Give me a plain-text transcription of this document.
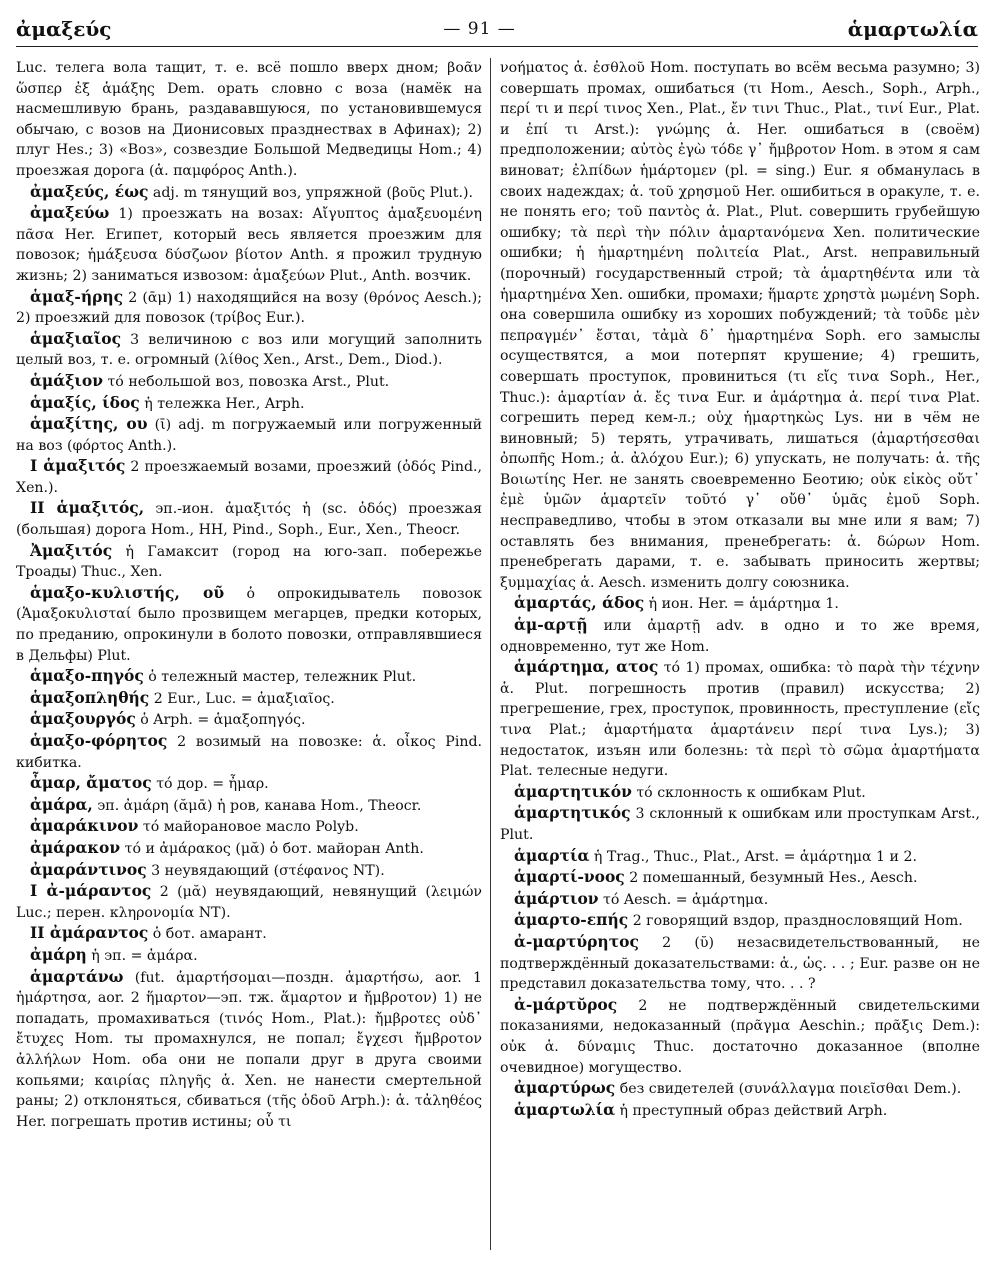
ἀμαξεύς	— 91 —	ἁμαρτωλία

Luc. телега вола тащит, т. е. всё пошло вверх дном; βοᾶν ὥσπερ ἐξ ἁμάξης Dem. орать словно с воза (намёк на насмешливую брань, раздававшуюся, по установившемуся обычаю, с возов на Дионисовых празднествах в Афинах); 2) плуг Hes.; 3) «Воз», созвездие Большой Медведицы Hom.; 4) проезжая дорога (ἁ. παμφόρος Anth.).

ἀμαξεύς, έως adj. m тянущий воз, упряжной (βοῦς Plut.).

ἀμαξεύω 1) проезжать на возах: Αἴγυπτος ἁμαξευομένη πᾶσα Her. Египет, который весь является проезжим для повозок; ἡμάξευσα δύσζωον βίοτον Anth. я прожил трудную жизнь; 2) заниматься извозом: ἁμαξεύων Plut., Anth. возчик.

ἁμαξ-ήρης 2 (ᾱμ) 1) находящийся на возу (θρόνος Aesch.); 2) проезжий для повозок (τρίβος Eur.).

ἁμαξιαῖος 3 величиною с воз или могущий заполнить целый воз, т. е. огромный (λίθος Xen., Arst., Dem., Diod.).

ἁμάξιον τό небольшой воз, повозка Arst., Plut.

ἁμαξίς, ίδος ἡ тележка Her., Arph.

ἁμαξίτης, ου (ῑ) adj. m погружаемый или погруженный на воз (φόρτος Anth.).

I ἁμαξιτός 2 проезжаемый возами, проезжий (ὁδός Pind., Xen.).

II ἁμαξιτός, эп.-ион. ἀμαξιτός ἡ (sc. ὁδός) проезжая (большая) дорога Hom., HH, Pind., Soph., Eur., Xen., Theocr.

Ἀμαξιτός ἡ Гамаксит (город на юго-зап. побережье Троады) Thuc., Xen.

ἁμαξο-κυλιστής, οῦ ὁ опрокидыватель повозок (Ἁμαξοκυλισταί было прозвищем мегарцев, предки которых, по преданию, опрокинули в болото повозки, отправлявшиеся в Дельфы) Plut.

ἁμαξο-πηγός ὁ тележный мастер, тележник Plut.

ἁμαξοπληθής 2 Eur., Luc. = ἁμαξιαῖος.

ἁμαξουργός ὁ Arph. = ἁμαξοπηγός.

ἁμαξο-φόρητος 2 возимый на повозке: ἁ. οἶκος Pind. кибитка.

ἆμαρ, ἄματος τό дор. = ἦμαρ.

ἀμάρα, эп. ἀμάρη (ᾰμᾱ) ἡ ров, канава Hom., Theocr.

ἀμαράκινον τό майорановое масло Polyb.

ἀμάρακον τό и ἀμάρακος (μᾰ) ὁ бот. майоран Anth.

ἀμαράντινος 3 неувядающий (στέφανος NT).

I ἀ-μάραντος 2 (μᾰ) неувядающий, невянущий (λειμών Luc.; перен. κληρονομία NT).

II ἀμάραντος ὁ бот. амарант.

ἀμάρη ἡ эп. = ἀμάρα.

ἁμαρτάνω (fut. ἁμαρτήσομαι—поздн. ἁμαρτήσω, aor. 1 ἡμάρτησα, aor. 2 ἥμαρτον—эп. тж. ἅμαρτον и ἤμβροτον) 1) не попадать, промахиваться (τινός Hom., Plat.): ἤμβροτες οὐδ᾽ ἔτυχες Hom. ты промахнулся, не попал; ἔγχεσι ἤμβροτον ἀλλήλων Hom. оба они не попали друг в друга своими копьями; καιρίας πληγῆς ἁ. Xen. не нанести смертельной раны; 2) отклоняться, сбиваться (τῆς ὁδοῦ Arph.): ἁ. τἀληθέος Her. погрешать против истины; οὗ τι

νοήματος ἁ. ἐσθλοῦ Hom. поступать во всём весьма разумно; 3) совершать промах, ошибаться (τι Hom., Aesch., Soph., Arph., περί τι и περί τινος Xen., Plat., ἔν τινι Thuc., Plat., τινί Eur., Plat. и ἐπί τι Arst.): γνώμης ἁ. Her. ошибаться в (своём) предположении; αὐτὸς ἐγὼ τόδε γ᾽ ἤμβροτον Hom. в этом я сам виноват; ἐλπίδων ἡμάρτομεν (pl. = sing.) Eur. я обманулась в своих надеждах; ἁ. τοῦ χρησμοῦ Her. ошибиться в оракуле, т. е. не понять его; τοῦ παντὸς ἁ. Plat., Plut. совершить грубейшую ошибку; τὰ περὶ τὴν πόλιν ἁμαρτανόμενα Xen. политические ошибки; ἡ ἡμαρτημένη πολιτεία Plat., Arst. неправильный (порочный) государственный строй; τὰ ἁμαρτηθέντα или τὰ ἡμαρτημένα Xen. ошибки, промахи; ἥμαρτε χρηστὰ μωμένη Soph. она совершила ошибку из хороших побуждений; τὰ τοῦδε μὲν πεπραγμέν᾽ ἔσται, τἀμὰ δ᾽ ἡμαρτημένα Soph. его замыслы осуществятся, а мои потерпят крушение; 4) грешить, совершать проступок, провиниться (τι εἴς τινα Soph., Her., Thuc.): ἁμαρτίαν ἁ. ἔς τινα Eur. и ἁμάρτημα ἁ. περί τινα Plat. согрешить перед кем-л.; οὐχ ἡμαρτηκὼς Lys. ни в чём не виновный; 5) терять, утрачивать, лишаться (ἁμαρτήσεσθαι ὀπωπῆς Hom.; ἁ. ἀλόχου Eur.); 6) упускать, не получать: ἁ. τῆς Βοιωτίης Her. не занять своевременно Беотию; οὐκ εἰκὸς οὔτ᾽ ἐμὲ ὑμῶν ἁμαρτεῖν τοῦτό γ᾽ οὔθ᾽ ὑμᾶς ἐμοῦ Soph. несправедливо, чтобы в этом отказали вы мне или я вам; 7) оставлять без внимания, пренебрегать: ἁ. δώρων Hom. пренебрегать дарами, т. е. забывать приносить жертвы; ξυμμαχίας ἁ. Aesch. изменить долгу союзника.

ἁμαρτάς, άδος ἡ ион. Her. = ἁμάρτημα 1.

ἁμ-αρτῇ или ἀμαρτῇ adv. в одно и то же время, одновременно, тут же Hom.

ἁμάρτημα, ατος τό 1) промах, ошибка: τὸ παρὰ τὴν τέχνην ἁ. Plut. погрешность против (правил) искусства; 2) прегрешение, грех, проступок, провинность, преступление (εἴς τινα Plat.; ἁμαρτήματα ἁμαρτάνειν περί τινα Lys.); 3) недостаток, изъян или болезнь: τὰ περὶ τὸ σῶμα ἁμαρτήματα Plat. телесные недуги.

ἁμαρτητικόν τό склонность к ошибкам Plut.

ἁμαρτητικός 3 склонный к ошибкам или проступкам Arst., Plut.

ἁμαρτία ἡ Trag., Thuc., Plat., Arst. = ἁμάρτημα 1 и 2.

ἁμαρτί-νοος 2 помешанный, безумный Hes., Aesch.

ἁμάρτιον τό Aesch. = ἁμάρτημα.

ἁμαρτο-επής 2 говорящий вздор, празднословящий Hom.

ἀ-μαρτύρητος 2 (ῠ) незасвидетельствованный, не подтверждённый доказательствами: ἁ., ὡς. . . ; Eur. разве он не представил доказательства тому, что. . . ?

ἀ-μάρτῠρος 2 не подтверждённый свидетельскими показаниями, недоказанный (πρᾶγμα Aeschin.; πρᾶξις Dem.): οὐκ ἁ. δύναμις Thuc. достаточно доказанное (вполне очевидное) могущество.

ἀμαρτύρως без свидетелей (συνάλλαγμα ποιεῖσθαι Dem.).

ἁμαρτωλία ἡ преступный образ действий Arph.
